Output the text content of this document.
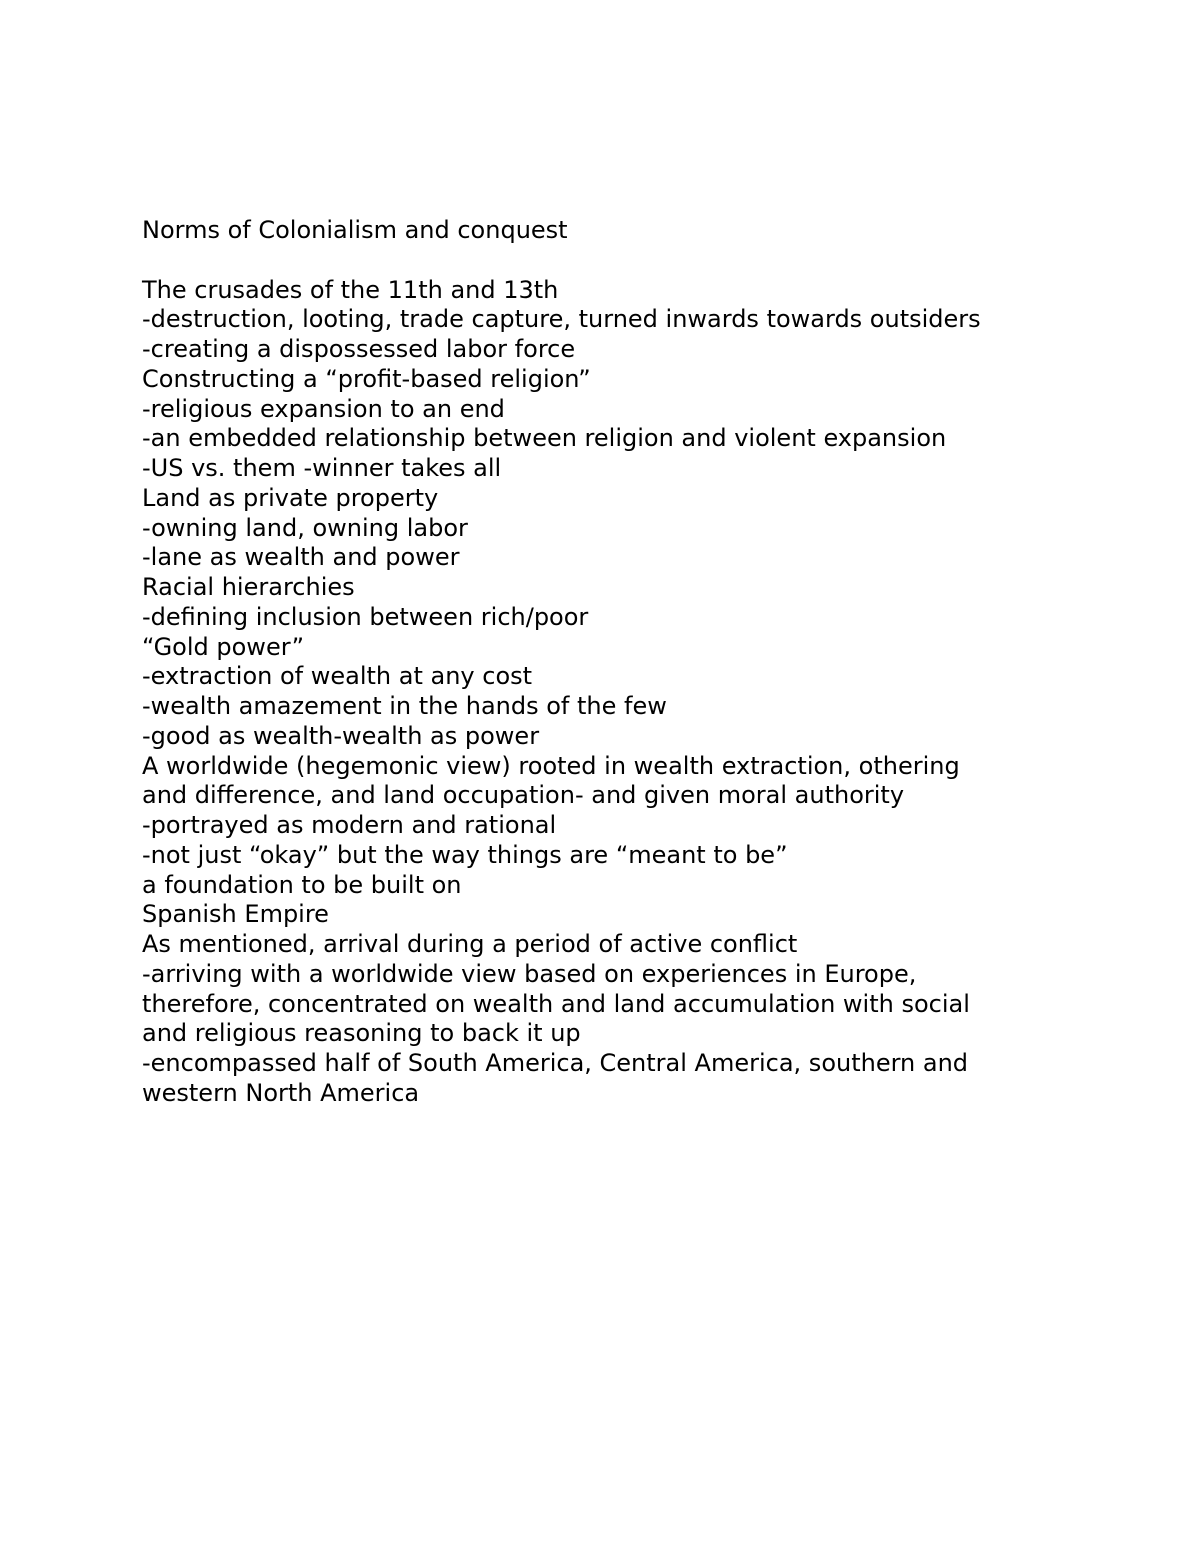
Norms of Colonialism and conquest

The crusades of the 11th and 13th

-destruction, looting, trade capture, turned inwards towards outsiders

-creating a dispossessed labor force

Constructing a “profit-based religion”

-religious expansion to an end

-an embedded relationship between religion and violent expansion

-US vs. them -winner takes all

Land as private property

-owning land, owning labor

-lane as wealth and power

Racial hierarchies

-defining inclusion between rich/poor

“Gold power”

-extraction of wealth at any cost

-wealth amazement in the hands of the few

-good as wealth-wealth as power

A worldwide (hegemonic view) rooted in wealth extraction, othering

and difference, and land occupation- and given moral authority

-portrayed as modern and rational

-not just “okay” but the way things are “meant to be”

a foundation to be built on

Spanish Empire

As mentioned, arrival during a period of active conflict

-arriving with a worldwide view based on experiences in Europe,

therefore, concentrated on wealth and land accumulation with social

and religious reasoning to back it up

-encompassed half of South America, Central America, southern and

western North America
